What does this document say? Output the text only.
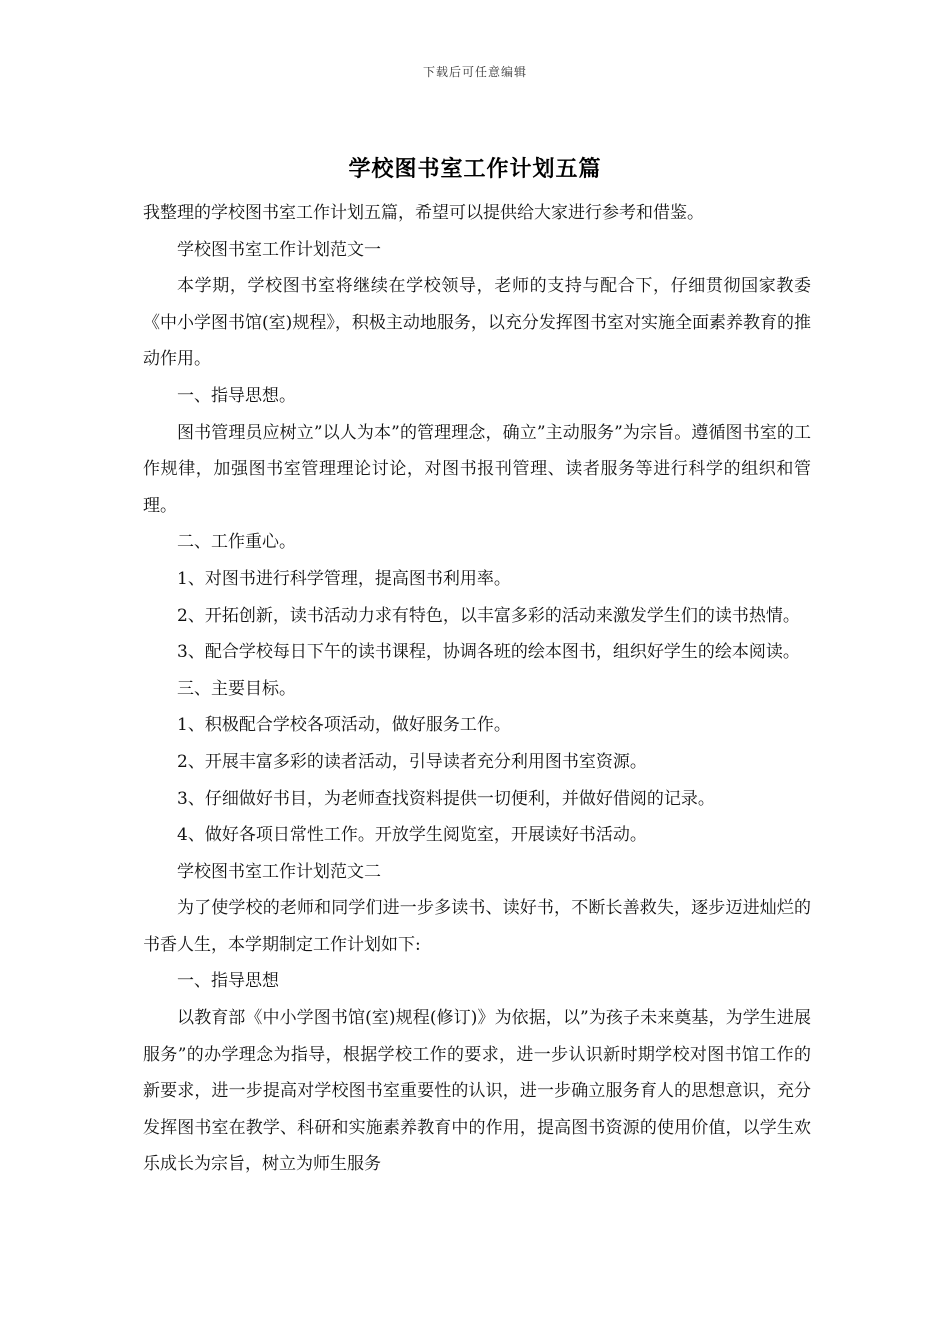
下载后可任意编辑
学校图书室工作计划五篇

我整理的学校图书室工作计划五篇，希望可以提供给大家进行参考和借鉴。

学校图书室工作计划范文一

本学期，学校图书室将继续在学校领导，老师的支持与配合下，仔细贯彻国家教委《中小学图书馆(室)规程》，积极主动地服务，以充分发挥图书室对实施全面素养教育的推动作用。

一、指导思想。

图书管理员应树立”以人为本”的管理理念，确立”主动服务”为宗旨。遵循图书室的工作规律，加强图书室管理理论讨论，对图书报刊管理、读者服务等进行科学的组织和管理。

二、工作重心。

1、对图书进行科学管理，提高图书利用率。

2、开拓创新，读书活动力求有特色，以丰富多彩的活动来激发学生们的读书热情。

3、配合学校每日下午的读书课程，协调各班的绘本图书，组织好学生的绘本阅读。

三、主要目标。

1、积极配合学校各项活动，做好服务工作。

2、开展丰富多彩的读者活动，引导读者充分利用图书室资源。

3、仔细做好书目，为老师查找资料提供一切便利，并做好借阅的记录。

4、做好各项日常性工作。开放学生阅览室，开展读好书活动。

学校图书室工作计划范文二

为了使学校的老师和同学们进一步多读书、读好书，不断长善救失，逐步迈进灿烂的书香人生，本学期制定工作计划如下:

一、指导思想

以教育部《中小学图书馆(室)规程(修订)》为依据，以”为孩子未来奠基，为学生进展服务”的办学理念为指导，根据学校工作的要求，进一步认识新时期学校对图书馆工作的新要求，进一步提高对学校图书室重要性的认识，进一步确立服务育人的思想意识，充分发挥图书室在教学、科研和实施素养教育中的作用，提高图书资源的使用价值，以学生欢乐成长为宗旨，树立为师生服务
